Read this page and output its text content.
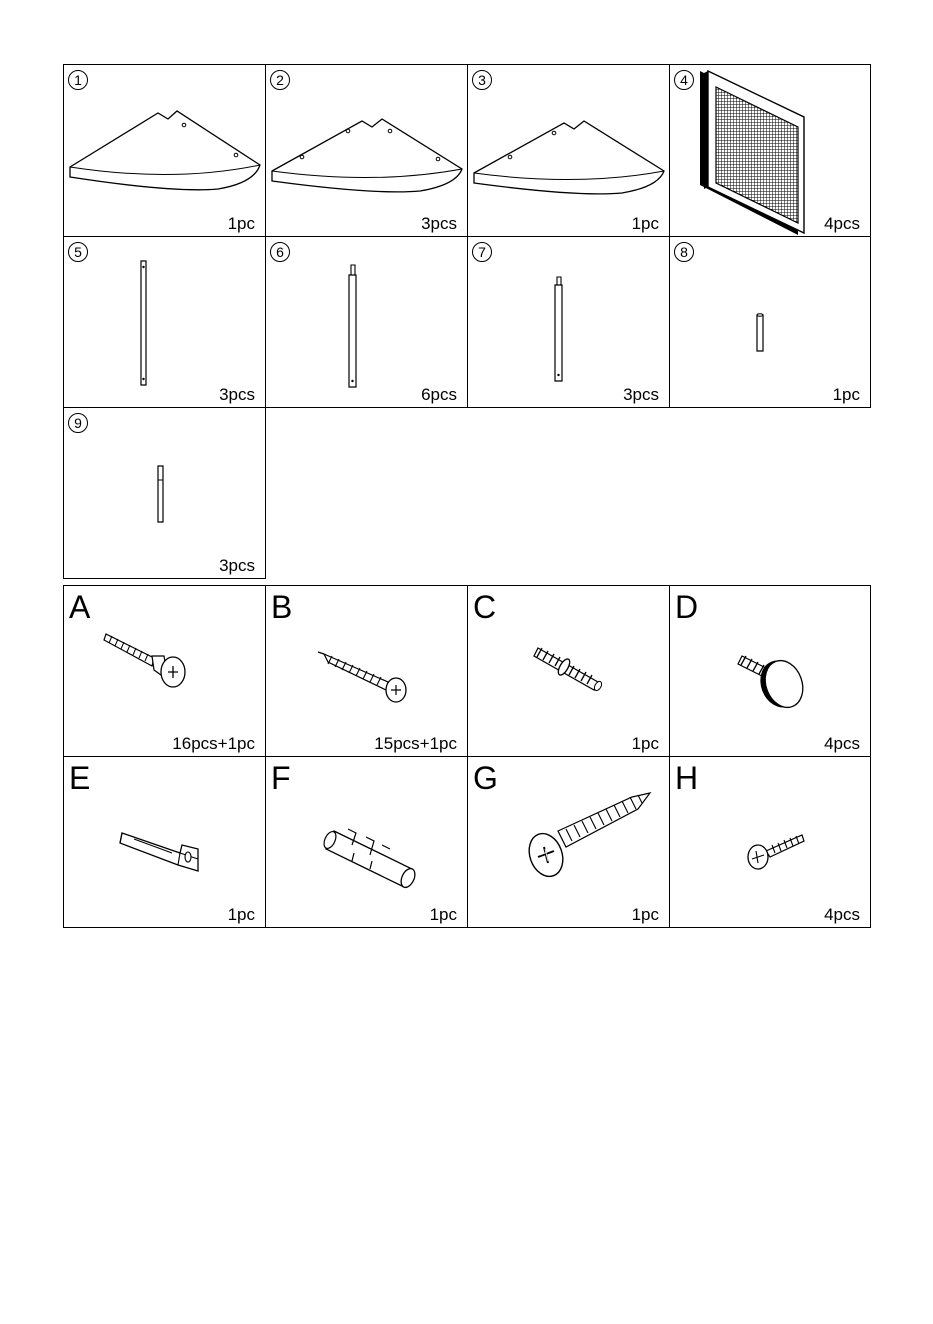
1
1pc
2
3pcs
3
1pc
4
4pcs
5
3pcs
6
6pcs
7
3pcs
8
1pc
9
3pcs
A
16pcs+1pc
B
15pcs+1pc
C
1pc
D
4pcs
E
1pc
F
1pc
G
1pc
H
4pcs
